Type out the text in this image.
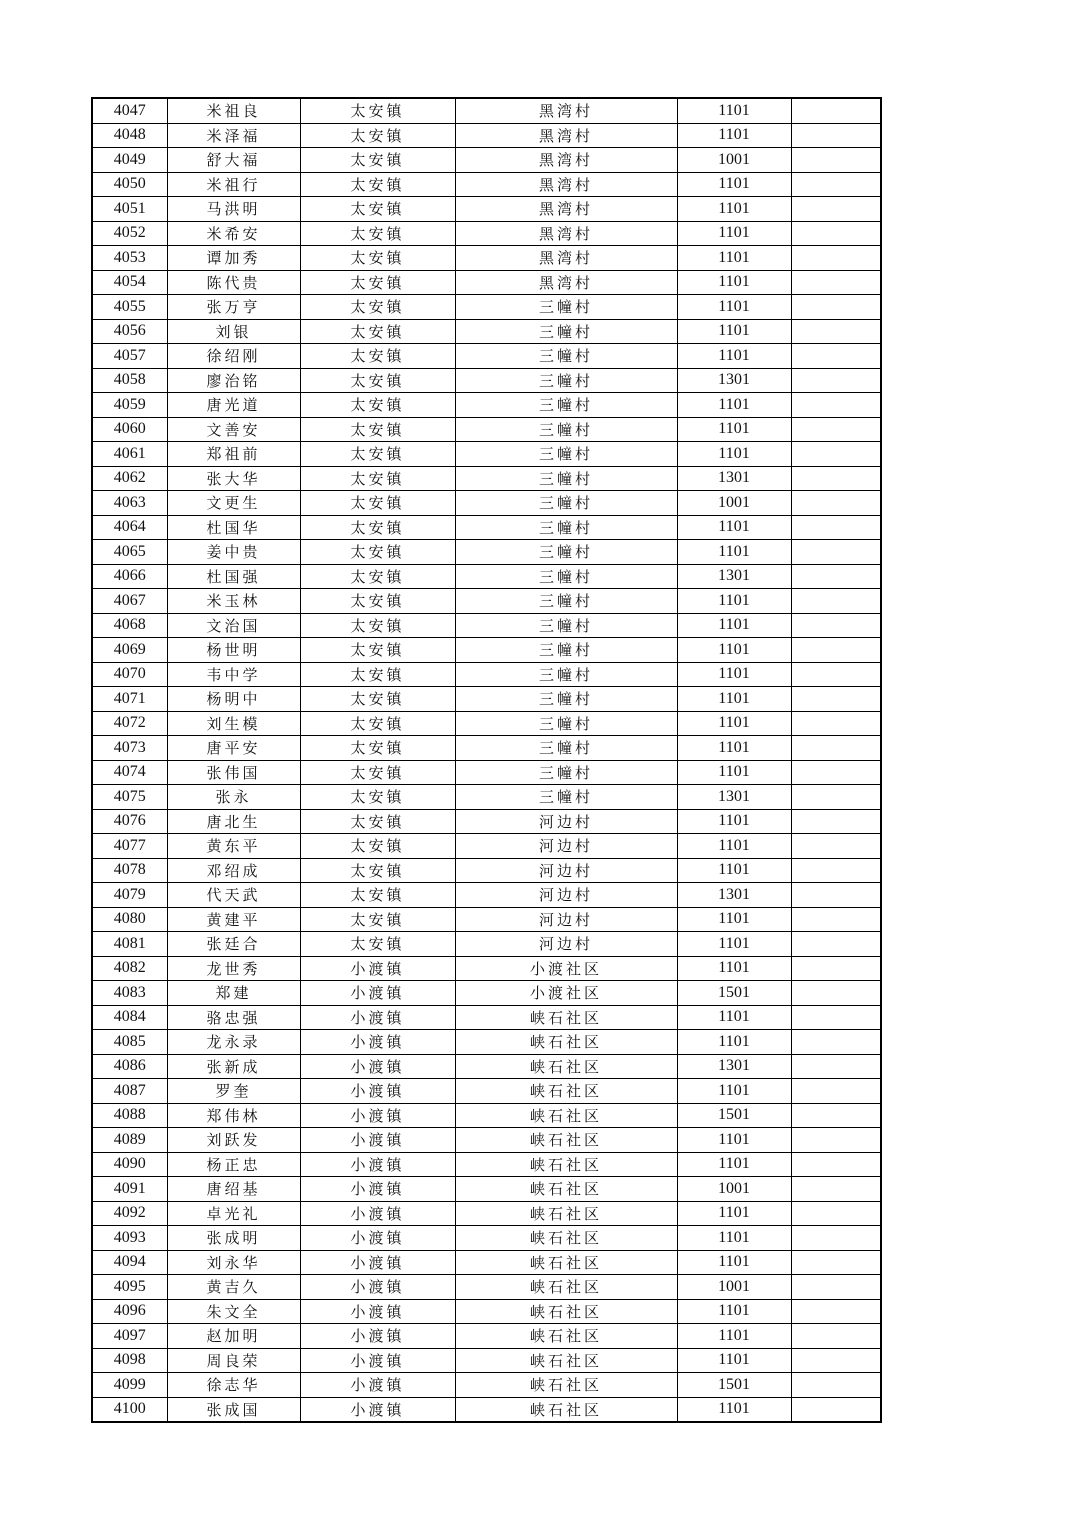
4047	米祖良	太安镇	黑湾村	1101	
4048	米泽福	太安镇	黑湾村	1101	
4049	舒大福	太安镇	黑湾村	1001	
4050	米祖行	太安镇	黑湾村	1101	
4051	马洪明	太安镇	黑湾村	1101	
4052	米希安	太安镇	黑湾村	1101	
4053	谭加秀	太安镇	黑湾村	1101	
4054	陈代贵	太安镇	黑湾村	1101	
4055	张万亨	太安镇	三幢村	1101	
4056	刘银	太安镇	三幢村	1101	
4057	徐绍刚	太安镇	三幢村	1101	
4058	廖治铭	太安镇	三幢村	1301	
4059	唐光道	太安镇	三幢村	1101	
4060	文善安	太安镇	三幢村	1101	
4061	郑祖前	太安镇	三幢村	1101	
4062	张大华	太安镇	三幢村	1301	
4063	文更生	太安镇	三幢村	1001	
4064	杜国华	太安镇	三幢村	1101	
4065	姜中贵	太安镇	三幢村	1101	
4066	杜国强	太安镇	三幢村	1301	
4067	米玉林	太安镇	三幢村	1101	
4068	文治国	太安镇	三幢村	1101	
4069	杨世明	太安镇	三幢村	1101	
4070	韦中学	太安镇	三幢村	1101	
4071	杨明中	太安镇	三幢村	1101	
4072	刘生模	太安镇	三幢村	1101	
4073	唐平安	太安镇	三幢村	1101	
4074	张伟国	太安镇	三幢村	1101	
4075	张永	太安镇	三幢村	1301	
4076	唐北生	太安镇	河边村	1101	
4077	黄东平	太安镇	河边村	1101	
4078	邓绍成	太安镇	河边村	1101	
4079	代天武	太安镇	河边村	1301	
4080	黄建平	太安镇	河边村	1101	
4081	张廷合	太安镇	河边村	1101	
4082	龙世秀	小渡镇	小渡社区	1101	
4083	郑建	小渡镇	小渡社区	1501	
4084	骆忠强	小渡镇	峡石社区	1101	
4085	龙永录	小渡镇	峡石社区	1101	
4086	张新成	小渡镇	峡石社区	1301	
4087	罗奎	小渡镇	峡石社区	1101	
4088	郑伟林	小渡镇	峡石社区	1501	
4089	刘跃发	小渡镇	峡石社区	1101	
4090	杨正忠	小渡镇	峡石社区	1101	
4091	唐绍基	小渡镇	峡石社区	1001	
4092	卓光礼	小渡镇	峡石社区	1101	
4093	张成明	小渡镇	峡石社区	1101	
4094	刘永华	小渡镇	峡石社区	1101	
4095	黄吉久	小渡镇	峡石社区	1001	
4096	朱文全	小渡镇	峡石社区	1101	
4097	赵加明	小渡镇	峡石社区	1101	
4098	周良荣	小渡镇	峡石社区	1101	
4099	徐志华	小渡镇	峡石社区	1501	
4100	张成国	小渡镇	峡石社区	1101	
